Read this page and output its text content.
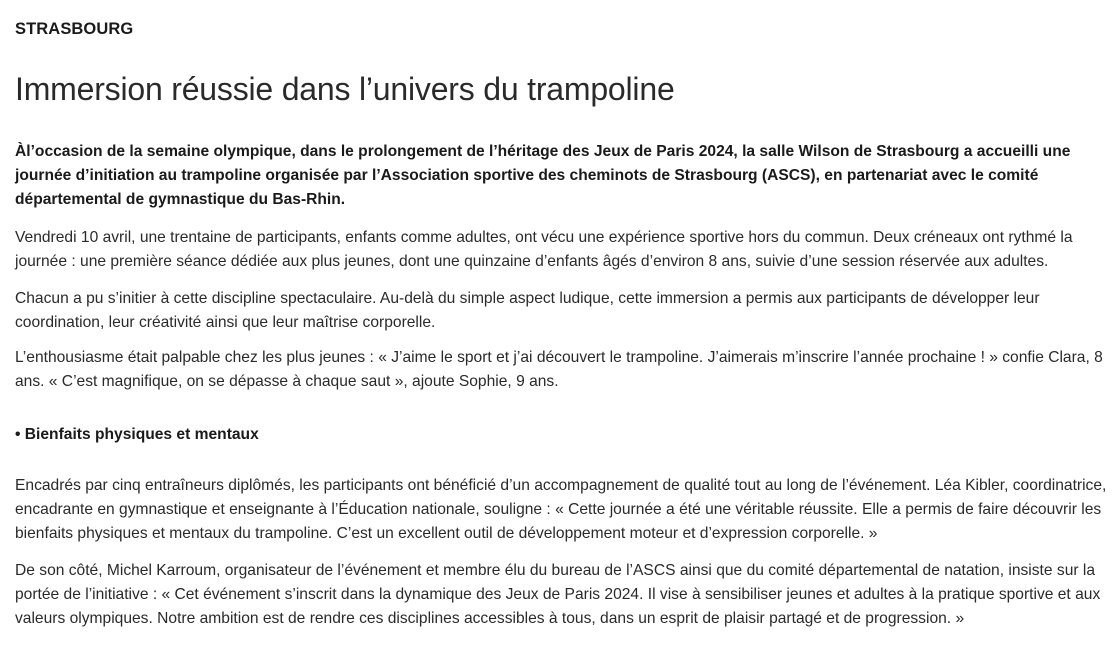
STRASBOURG
Immersion réussie dans l’univers du trampoline

Àl’occasion de la semaine olympique, dans le prolongement de l’héritage des Jeux de Paris 2024, la salle Wilson de Strasbourg a accueilli une journée d’initiation au trampoline organisée par l’Association sportive des cheminots de Strasbourg (ASCS), en partenariat avec le comité départemental de gymnastique du Bas-Rhin.

Vendredi 10 avril, une trentaine de participants, enfants comme adultes, ont vécu une expérience sportive hors du commun. Deux créneaux ont rythmé la journée : une première séance dédiée aux plus jeunes, dont une quinzaine d’enfants âgés d’environ 8 ans, suivie d’une session réservée aux adultes.

Chacun a pu s’initier à cette discipline spectaculaire. Au-delà du simple aspect ludique, cette immersion a permis aux participants de développer leur coordination, leur créativité ainsi que leur maîtrise corporelle.

L’enthousiasme était palpable chez les plus jeunes : « J’aime le sport et j’ai découvert le trampoline. J’aimerais m’inscrire l’année prochaine ! » confie Clara, 8 ans. « C’est magnifique, on se dépasse à chaque saut », ajoute Sophie, 9 ans.

• Bienfaits physiques et mentaux

Encadrés par cinq entraîneurs diplômés, les participants ont bénéficié d’un accompagnement de qualité tout au long de l’événement. Léa Kibler, coordinatrice, encadrante en gymnastique et enseignante à l’Éducation nationale, souligne : « Cette journée a été une véritable réussite. Elle a permis de faire découvrir les bienfaits physiques et mentaux du trampoline. C’est un excellent outil de développement moteur et d’expression corporelle. »

De son côté, Michel Karroum, organisateur de l’événement et membre élu du bureau de l’ASCS ainsi que du comité départemental de natation, insiste sur la portée de l’initiative : « Cet événement s’inscrit dans la dynamique des Jeux de Paris 2024. Il vise à sensibiliser jeunes et adultes à la pratique sportive et aux valeurs olympiques. Notre ambition est de rendre ces disciplines accessibles à tous, dans un esprit de plaisir partagé et de progression. »
